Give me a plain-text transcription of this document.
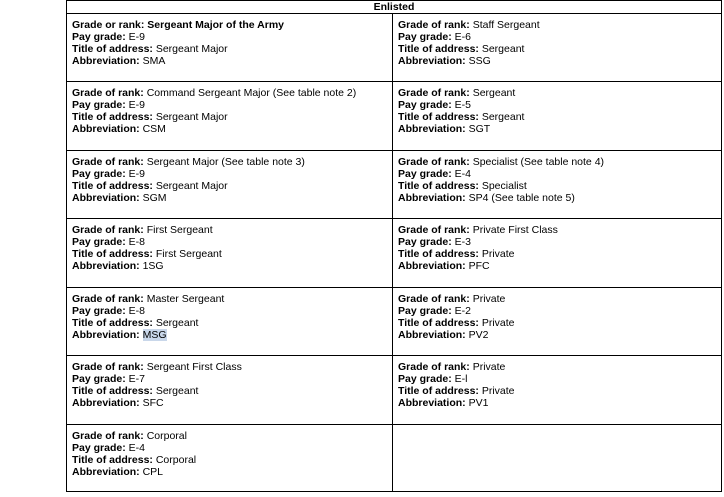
Enlisted	

Grade or rank: Sergeant Major of the Army
Pay grade: E-9
Title of address: Sergeant Major
Abbreviation: SMA	Grade of rank: Staff Sergeant
Pay grade: E-6
Title of address: Sergeant
Abbreviation: SSG

Grade of rank: Command Sergeant Major (See table note 2)
Pay grade: E-9
Title of address: Sergeant Major
Abbreviation: CSM	Grade of rank: Sergeant
Pay grade: E-5
Title of address: Sergeant
Abbreviation: SGT

Grade of rank: Sergeant Major (See table note 3)
Pay grade: E-9
Title of address: Sergeant Major
Abbreviation: SGM	Grade of rank: Specialist (See table note 4)
Pay grade: E-4
Title of address: Specialist
Abbreviation: SP4 (See table note 5)

Grade of rank: First Sergeant
Pay grade: E-8
Title of address: First Sergeant
Abbreviation: 1SG	Grade of rank: Private First Class
Pay grade: E-3
Title of address: Private
Abbreviation: PFC

Grade of rank: Master Sergeant
Pay grade: E-8
Title of address: Sergeant
Abbreviation: MSG	Grade of rank: Private
Pay grade: E-2
Title of address: Private
Abbreviation: PV2

Grade of rank: Sergeant First Class
Pay grade: E-7
Title of address: Sergeant
Abbreviation: SFC	Grade of rank: Private
Pay grade: E-l
Title of address: Private
Abbreviation: PV1

Grade of rank: Corporal
Pay grade: E-4
Title of address: Corporal
Abbreviation: CPL	
